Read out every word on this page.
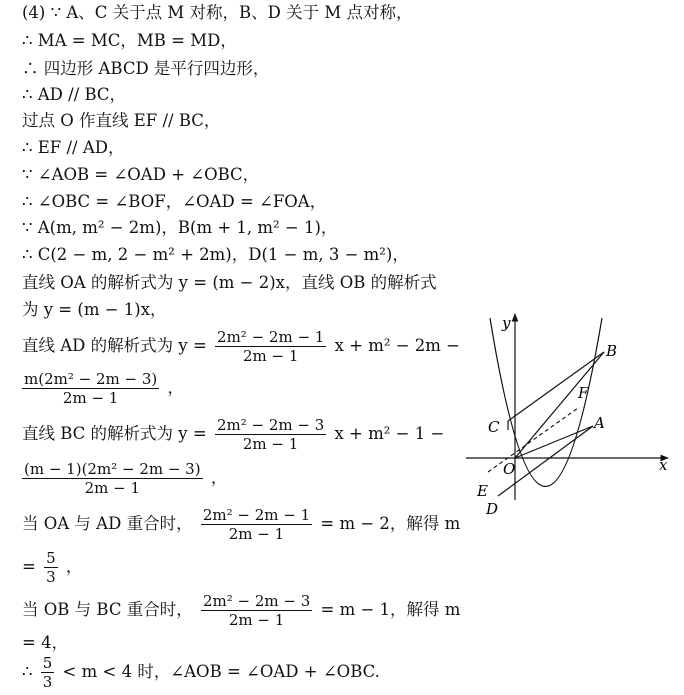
(4) ∵ A、C 关于点 M 对称，B、D 关于 M 点对称，
∴ MA = MC，MB = MD，
∴ 四边形 ABCD 是平行四边形，
∴ AD // BC，
过点 O 作直线 EF // BC，
∴ EF // AD，
∵ ∠AOB = ∠OAD + ∠OBC，
∴ ∠OBC = ∠BOF，∠OAD = ∠FOA，
∵ A(m, m² − 2m)，B(m + 1, m² − 1)，
∴ C(2 − m, 2 − m² + 2m)，D(1 − m, 3 − m²)，
直线 OA 的解析式为 y = (m − 2)x，直线 OB 的解析式
为 y = (m − 1)x，
直线 AD 的解析式为 $y = \frac{\text{2m² − 2m − 1}}{2m - 1}$ x + m² − 2m −
$\frac{\text{m(2m² − 2m − 3)}}{2m - 1}$ ，
直线 BC 的解析式为 $y = \frac{\text{2m² − 2m − 3}}{2m - 1}$ x + m² − 1 −
$\frac{\text{(m − 1)(2m² − 2m − 3)}}{2m - 1}$ ，
当 OA 与 AD 重合时， $\frac{\text{2m² − 2m − 1}}{2m - 1} = m - 2$，解得 m
= $\frac{5}{3}$ ，
当 OB 与 BC 重合时， $\frac{\text{2m² − 2m − 3}}{2m - 1} = m - 1$，解得 m
= 4，
∴ $\frac{5}{3} < m < 4$ 时，∠AOB = ∠OAD + ∠OBC.
y
x
B
F
C	A
O
E
D
